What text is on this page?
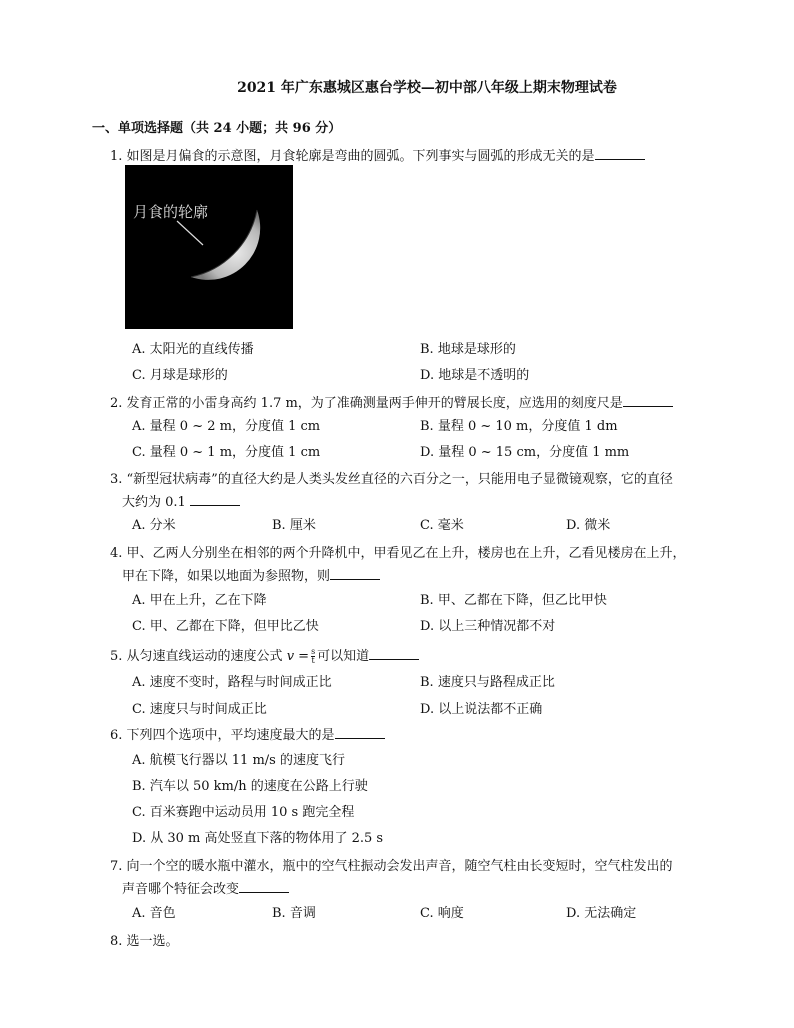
2021 年广东惠城区惠台学校—初中部八年级上期末物理试卷
一、单项选择题（共 24 小题；共 96 分）
1. 如图是月偏食的示意图，月食轮廓是弯曲的圆弧。下列事实与圆弧的形成无关的是
月食的轮廓
A. 太阳光的直线传播	B. 地球是球形的
C. 月球是球形的	D. 地球是不透明的
2. 发育正常的小雷身高约 1.7 m，为了准确测量两手伸开的臂展长度，应选用的刻度尺是
A. 量程 0 ~ 2 m，分度值 1 cm	B. 量程 0 ~ 10 m，分度值 1 dm
C. 量程 0 ~ 1 m，分度值 1 cm	D. 量程 0 ~ 15 cm，分度值 1 mm
3. “新型冠状病毒”的直径大约是人类头发丝直径的六百分之一，只能用电子显微镜观察，它的直径
大约为 0.1
A. 分米	B. 厘米	C. 毫米	D. 微米
4. 甲、乙两人分别坐在相邻的两个升降机中，甲看见乙在上升，楼房也在上升，乙看见楼房在上升，
甲在下降，如果以地面为参照物，则
A. 甲在上升，乙在下降	B. 甲、乙都在下降，但乙比甲快
C. 甲、乙都在下降，但甲比乙快	D. 以上三种情况都不对
5. 从匀速直线运动的速度公式 $v = \frac{s}{t}$ 可以知道
A. 速度不变时，路程与时间成正比	B. 速度只与路程成正比
C. 速度只与时间成正比	D. 以上说法都不正确
6. 下列四个选项中，平均速度最大的是
A. 航模飞行器以 11 m/s 的速度飞行
B. 汽车以 50 km/h 的速度在公路上行驶
C. 百米赛跑中运动员用 10 s 跑完全程
D. 从 30 m 高处竖直下落的物体用了 2.5 s
7. 向一个空的暖水瓶中灌水，瓶中的空气柱振动会发出声音，随空气柱由长变短时，空气柱发出的
声音哪个特征会改变
A. 音色	B. 音调	C. 响度	D. 无法确定
8. 选一选。
